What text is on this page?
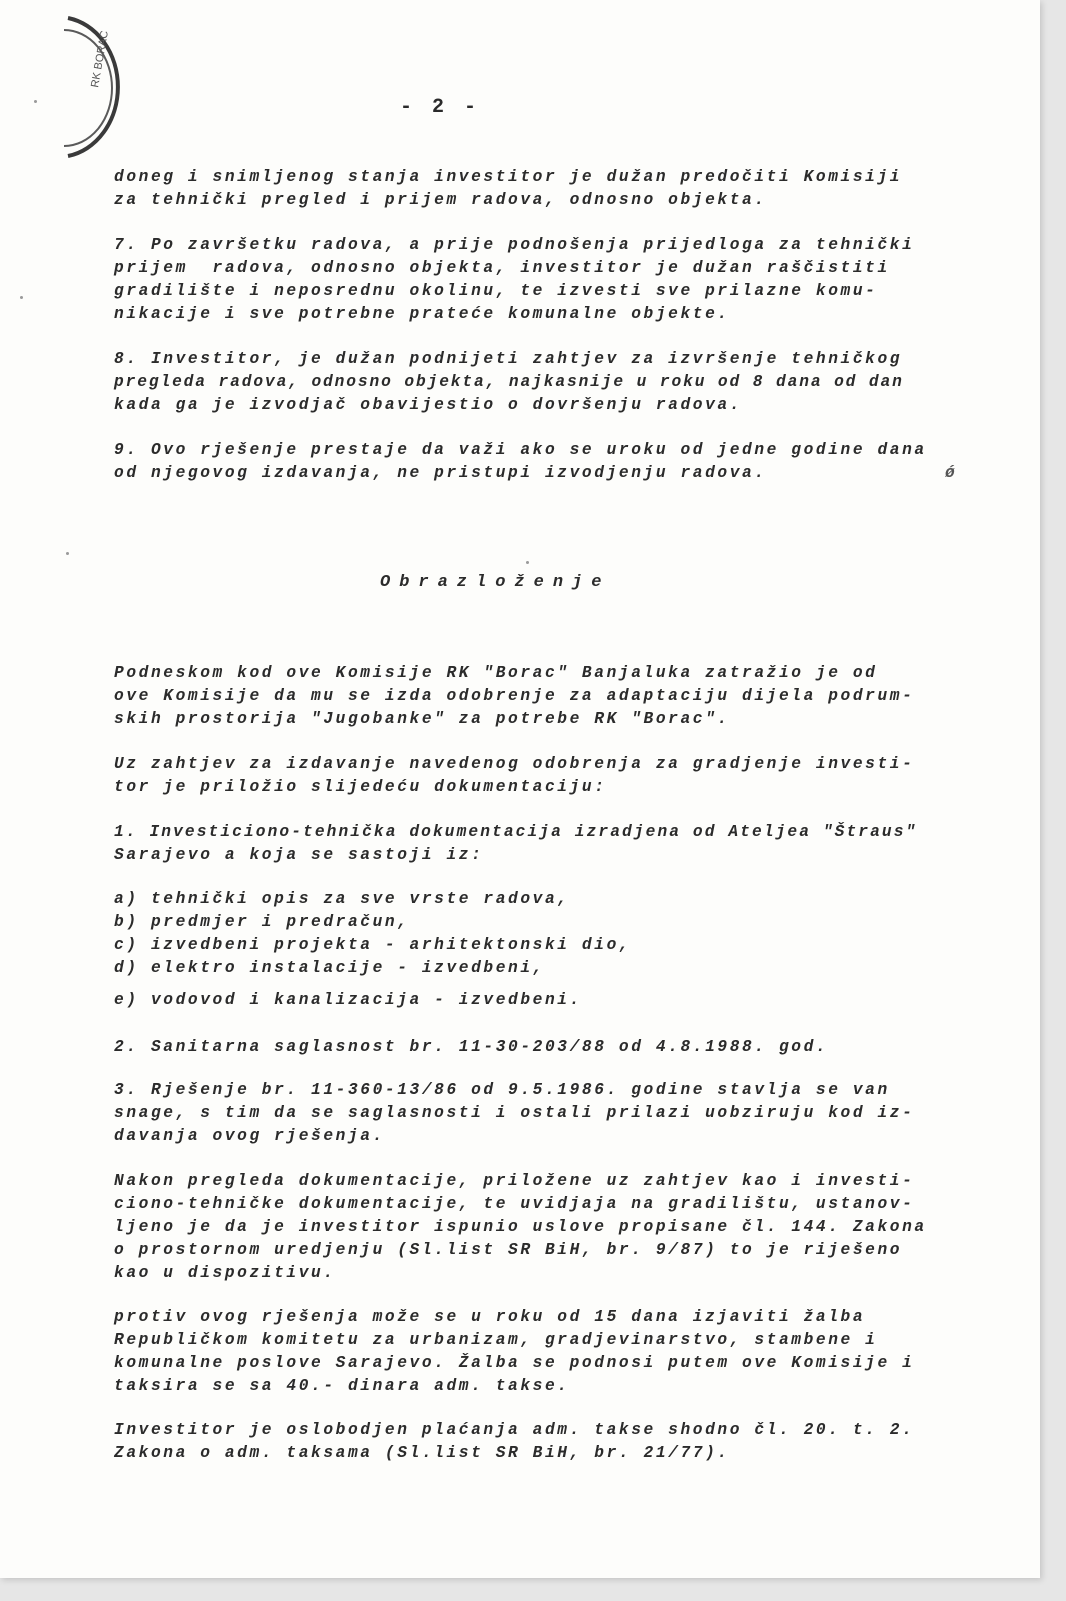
RK BORAC
- 2 -
doneg i snimljenog stanja investitor je dužan predočiti Komisiji
za tehnički pregled i prijem radova, odnosno objekta.
7. Po završetku radova, a prije podnošenja prijedloga za tehnički
prijem  radova, odnosno objekta, investitor je dužan raščistiti
gradilište i neposrednu okolinu, te izvesti sve prilazne komu-
nikacije i sve potrebne prateće komunalne objekte.
8. Investitor, je dužan podnijeti zahtjev za izvršenje tehničkog
pregleda radova, odnosno objekta, najkasnije u roku od 8 dana od dan
kada ga je izvodjač obavijestio o dovršenju radova.
9. Ovo rješenje prestaje da važi ako se uroku od jedne godine dana
od njegovog izdavanja, ne pristupi izvodjenju radova.	ǿ
Obrazloženje
Podneskom kod ove Komisije RK "Borac" Banjaluka zatražio je od
ove Komisije da mu se izda odobrenje za adaptaciju dijela podrum-
skih prostorija "Jugobanke" za potrebe RK "Borac".
Uz zahtjev za izdavanje navedenog odobrenja za gradjenje investi-
tor je priložio slijedeću dokumentaciju:
1. Investiciono-tehnička dokumentacija izradjena od Ateljea "Štraus"
Sarajevo a koja se sastoji iz:
a) tehnički opis za sve vrste radova,
b) predmjer i predračun,
c) izvedbeni projekta - arhitektonski dio,
d) elektro instalacije - izvedbeni,
e) vodovod i kanalizacija - izvedbeni.
2. Sanitarna saglasnost br. 11-30-203/88 od 4.8.1988. god.
3. Rješenje br. 11-360-13/86 od 9.5.1986. godine stavlja se van
snage, s tim da se saglasnosti i ostali prilazi uobziruju kod iz-
davanja ovog rješenja.
Nakon pregleda dokumentacije, priložene uz zahtjev kao i investi-
ciono-tehničke dokumentacije, te uvidjaja na gradilištu, ustanov-
ljeno je da je investitor ispunio uslove propisane čl. 144. Zakona
o prostornom uredjenju (Sl.list SR BiH, br. 9/87) to je riješeno
kao u dispozitivu.
protiv ovog rješenja može se u roku od 15 dana izjaviti žalba
Republičkom komitetu za urbanizam, gradjevinarstvo, stambene i
komunalne poslove Sarajevo. Žalba se podnosi putem ove Komisije i
taksira se sa 40.- dinara adm. takse.
Investitor je oslobodjen plaćanja adm. takse shodno čl. 20. t. 2.
Zakona o adm. taksama (Sl.list SR BiH, br. 21/77).
